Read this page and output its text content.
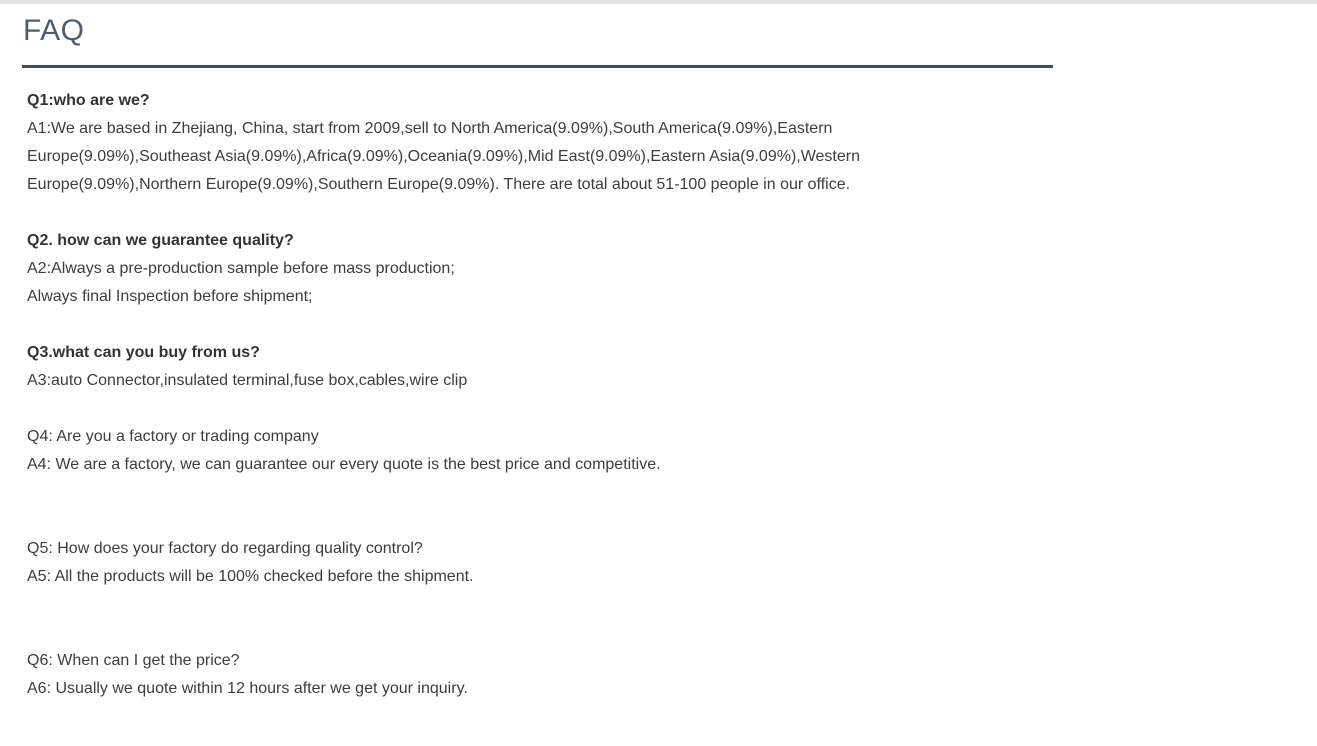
FAQ
Q1:who are we?
A1:We are based in Zhejiang, China, start from 2009,sell to North America(9.09%),South America(9.09%),Eastern
Europe(9.09%),Southeast Asia(9.09%),Africa(9.09%),Oceania(9.09%),Mid East(9.09%),Eastern Asia(9.09%),Western
Europe(9.09%),Northern Europe(9.09%),Southern Europe(9.09%). There are total about 51-100 people in our office.
Q2. how can we guarantee quality?
A2:Always a pre-production sample before mass production;
Always final Inspection before shipment;
Q3.what can you buy from us?
A3:auto Connector,insulated terminal,fuse box,cables,wire clip
Q4: Are you a factory or trading company
A4: We are a factory, we can guarantee our every quote is the best price and competitive.
Q5: How does your factory do regarding quality control?
A5: All the products will be 100% checked before the shipment.
Q6: When can I get the price?
A6: Usually we quote within 12 hours after we get your inquiry.
